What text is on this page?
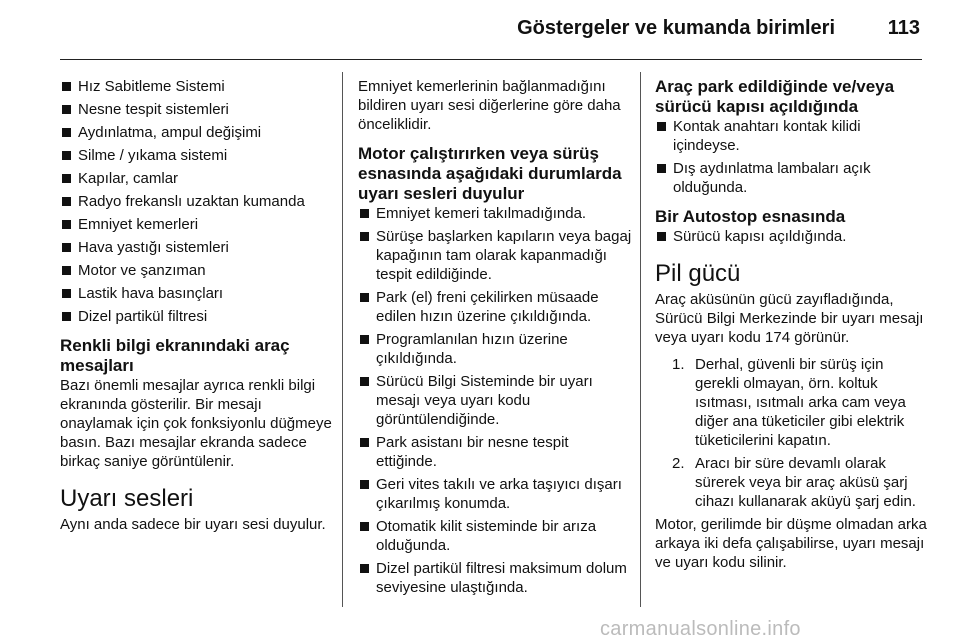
Göstergeler ve kumanda birimleri	113
Hız Sabitleme Sistemi
Nesne tespit sistemleri
Aydınlatma, ampul değişimi
Silme / yıkama sistemi
Kapılar, camlar
Radyo frekanslı uzaktan kumanda
Emniyet kemerleri
Hava yastığı sistemleri
Motor ve şanzıman
Lastik hava basınçları
Dizel partikül filtresi
Renkli bilgi ekranındaki araç mesajları

Bazı önemli mesajlar ayrıca renkli bilgi ekranında gösterilir. Bir mesajı onaylamak için çok fonksiyonlu düğmeye basın. Bazı mesajlar ekranda sadece birkaç saniye görüntülenir.

Uyarı sesleri

Aynı anda sadece bir uyarı sesi duyulur.

Emniyet kemerlerinin bağlanmadığını bildiren uyarı sesi diğerlerine göre daha önceliklidir.

Motor çalıştırırken veya sürüş esnasında aşağıdaki durumlarda uyarı sesleri duyulur
Emniyet kemeri takılmadığında.
Sürüşe başlarken kapıların veya bagaj kapağının tam olarak kapanmadığı tespit edildiğinde.
Park (el) freni çekilirken müsaade edilen hızın üzerine çıkıldığında.
Programlanılan hızın üzerine çıkıldığında.
Sürücü Bilgi Sisteminde bir uyarı mesajı veya uyarı kodu görüntülendiğinde.
Park asistanı bir nesne tespit ettiğinde.
Geri vites takılı ve arka taşıyıcı dışarı çıkarılmış konumda.
Otomatik kilit sisteminde bir arıza olduğunda.
Dizel partikül filtresi maksimum dolum seviyesine ulaştığında.
Araç park edildiğinde ve/veya sürücü kapısı açıldığında
Kontak anahtarı kontak kilidi içindeyse.
Dış aydınlatma lambaları açık olduğunda.
Bir Autostop esnasında
Sürücü kapısı açıldığında.
Pil gücü

Araç aküsünün gücü zayıfladığında, Sürücü Bilgi Merkezinde bir uyarı mesajı veya uyarı kodu 174 görünür.

1. Derhal, güvenli bir sürüş için gerekli olmayan, örn. koltuk ısıtması, ısıtmalı arka cam veya diğer ana tüketiciler gibi elektrik tüketicilerini kapatın.
2. Aracı bir süre devamlı olarak sürerek veya bir araç aküsü şarj cihazı kullanarak aküyü şarj edin.

Motor, gerilimde bir düşme olmadan arka arkaya iki defa çalışabilirse, uyarı mesajı ve uyarı kodu silinir.

carmanualsonline.info
